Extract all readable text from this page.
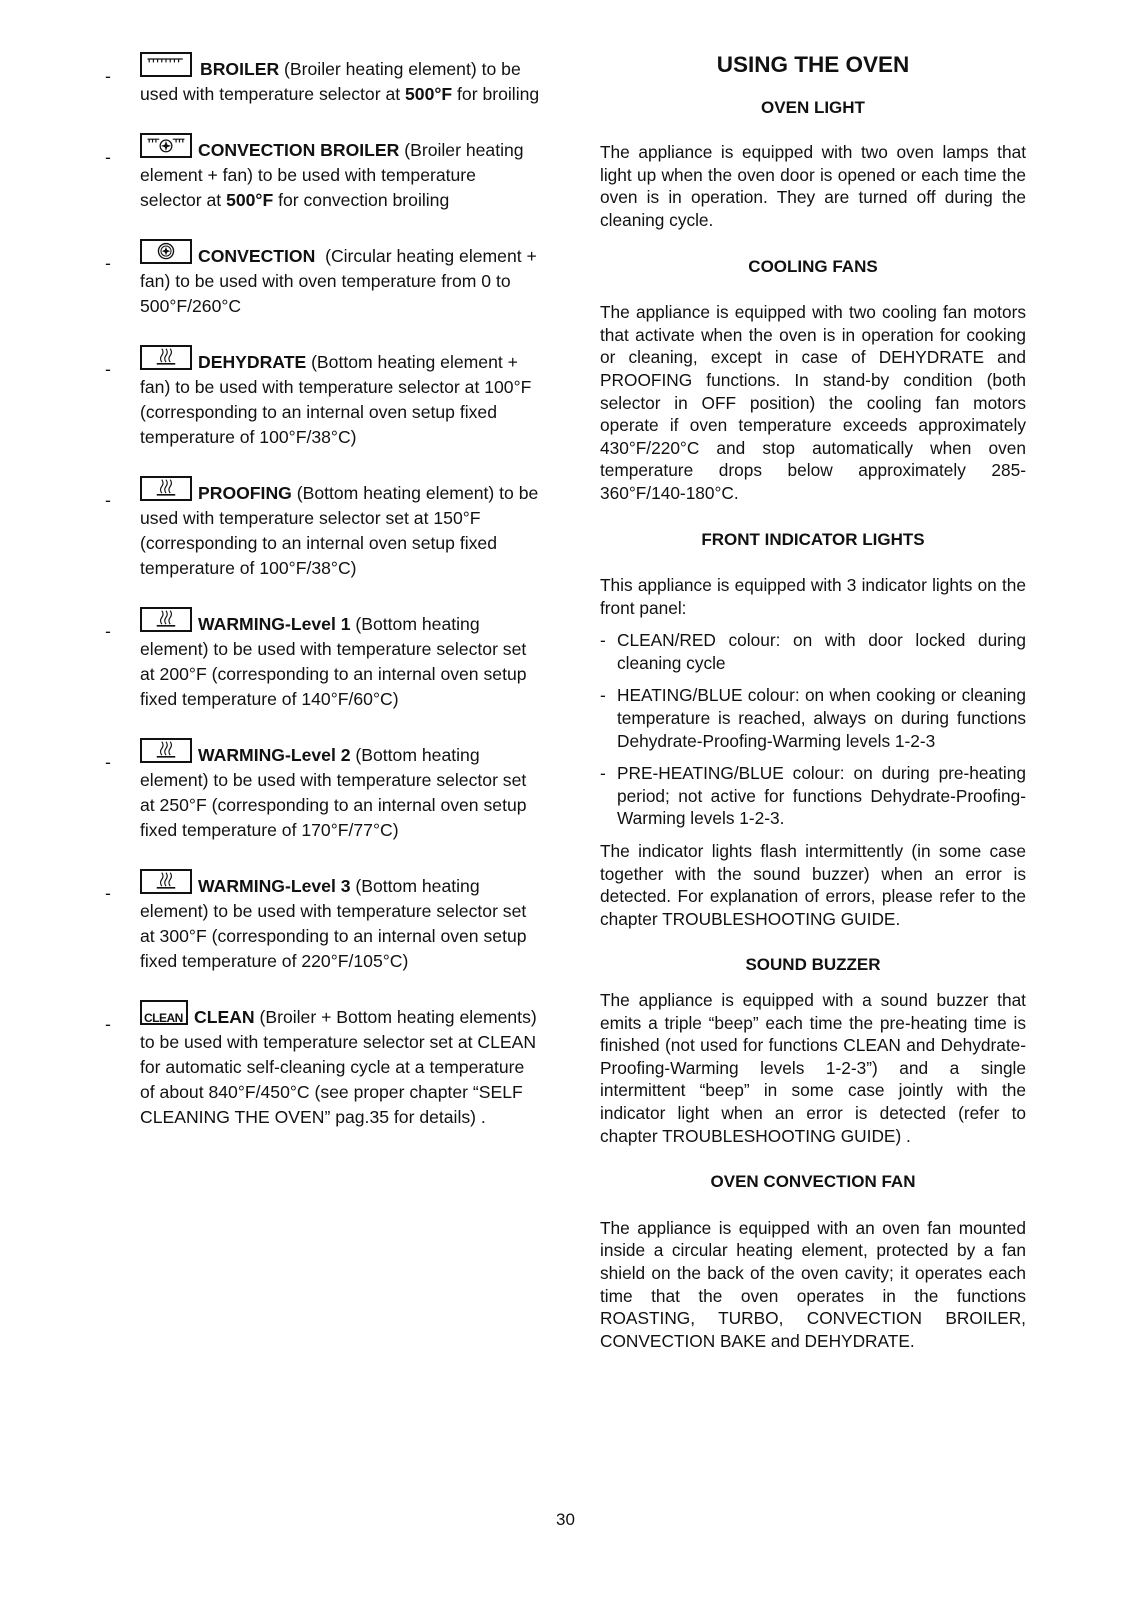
-	BROILER (Broiler heating element) to be used with temperature selector at 500°F for broiling
-	CONVECTION BROILER (Broiler heating element + fan) to be used with temperature selector at 500°F for convection broiling
-	CONVECTION  (Circular heating element + fan) to be used with oven temperature from 0 to 500°F/260°C
-	DEHYDRATE (Bottom heating element + fan) to be used with temperature selector at 100°F (corresponding to an internal oven setup fixed temperature of 100°F/38°C)
-	PROOFING (Bottom heating element) to be used with temperature selector set at 150°F (corresponding to an internal oven setup fixed temperature of 100°F/38°C)
-	WARMING-Level 1 (Bottom heating element) to be used with temperature selector set at 200°F (corresponding to an internal oven setup fixed temperature of 140°F/60°C)
-	WARMING-Level 2 (Bottom heating element) to be used with temperature selector set at 250°F (corresponding to an internal oven setup fixed temperature of 170°F/77°C)
-	WARMING-Level 3 (Bottom heating element) to be used with temperature selector set at 300°F (corresponding to an internal oven setup fixed temperature of 220°F/105°C)
-	CLEAN CLEAN (Broiler + Bottom heating elements) to be used with temperature selector set at CLEAN for automatic self-cleaning cycle at a temperature of about 840°F/450°C (see proper chapter “SELF CLEANING THE OVEN” pag.35 for details) .
USING THE OVEN
OVEN LIGHT

The appliance is equipped with two oven lamps that light up when the oven door is opened or each time the oven is in operation. They are turned off during the cleaning cycle.

COOLING FANS

The appliance is equipped with two cooling fan motors that activate when the oven is in operation for cooking or cleaning, except in case of DEHYDRATE and PROOFING functions. In stand-by condition (both selector in OFF position) the cooling fan motors operate if oven temperature exceeds approximately 430°F/220°C and stop automatically when oven temperature drops below approximately 285-360°F/140-180°C.

FRONT INDICATOR LIGHTS

This appliance is equipped with 3 indicator lights on the front panel:

- CLEAN/RED colour: on with door locked during cleaning cycle
- HEATING/BLUE colour: on when cooking or cleaning temperature is reached, always on during functions Dehydrate-Proofing-Warming levels 1-2-3
- PRE-HEATING/BLUE colour: on during pre-heating period; not active for functions Dehydrate-Proofing-Warming levels 1-2-3.

The indicator lights flash intermittently (in some case together with the sound buzzer) when an error is detected. For explanation of errors, please refer to the chapter TROUBLESHOOTING GUIDE.

SOUND BUZZER

The appliance is equipped with a sound buzzer that emits a triple “beep” each time the pre-heating time is finished (not used for functions CLEAN and Dehydrate-Proofing-Warming levels 1-2-3”) and a single intermittent “beep” in some case jointly with the indicator light when an error is detected (refer to chapter TROUBLESHOOTING GUIDE) .

OVEN CONVECTION FAN

The appliance is equipped with an oven fan mounted inside a circular heating element, protected by a fan shield on the back of the oven cavity; it operates each time that the oven operates in the functions ROASTING, TURBO, CONVECTION BROILER, CONVECTION BAKE and DEHYDRATE.

30
